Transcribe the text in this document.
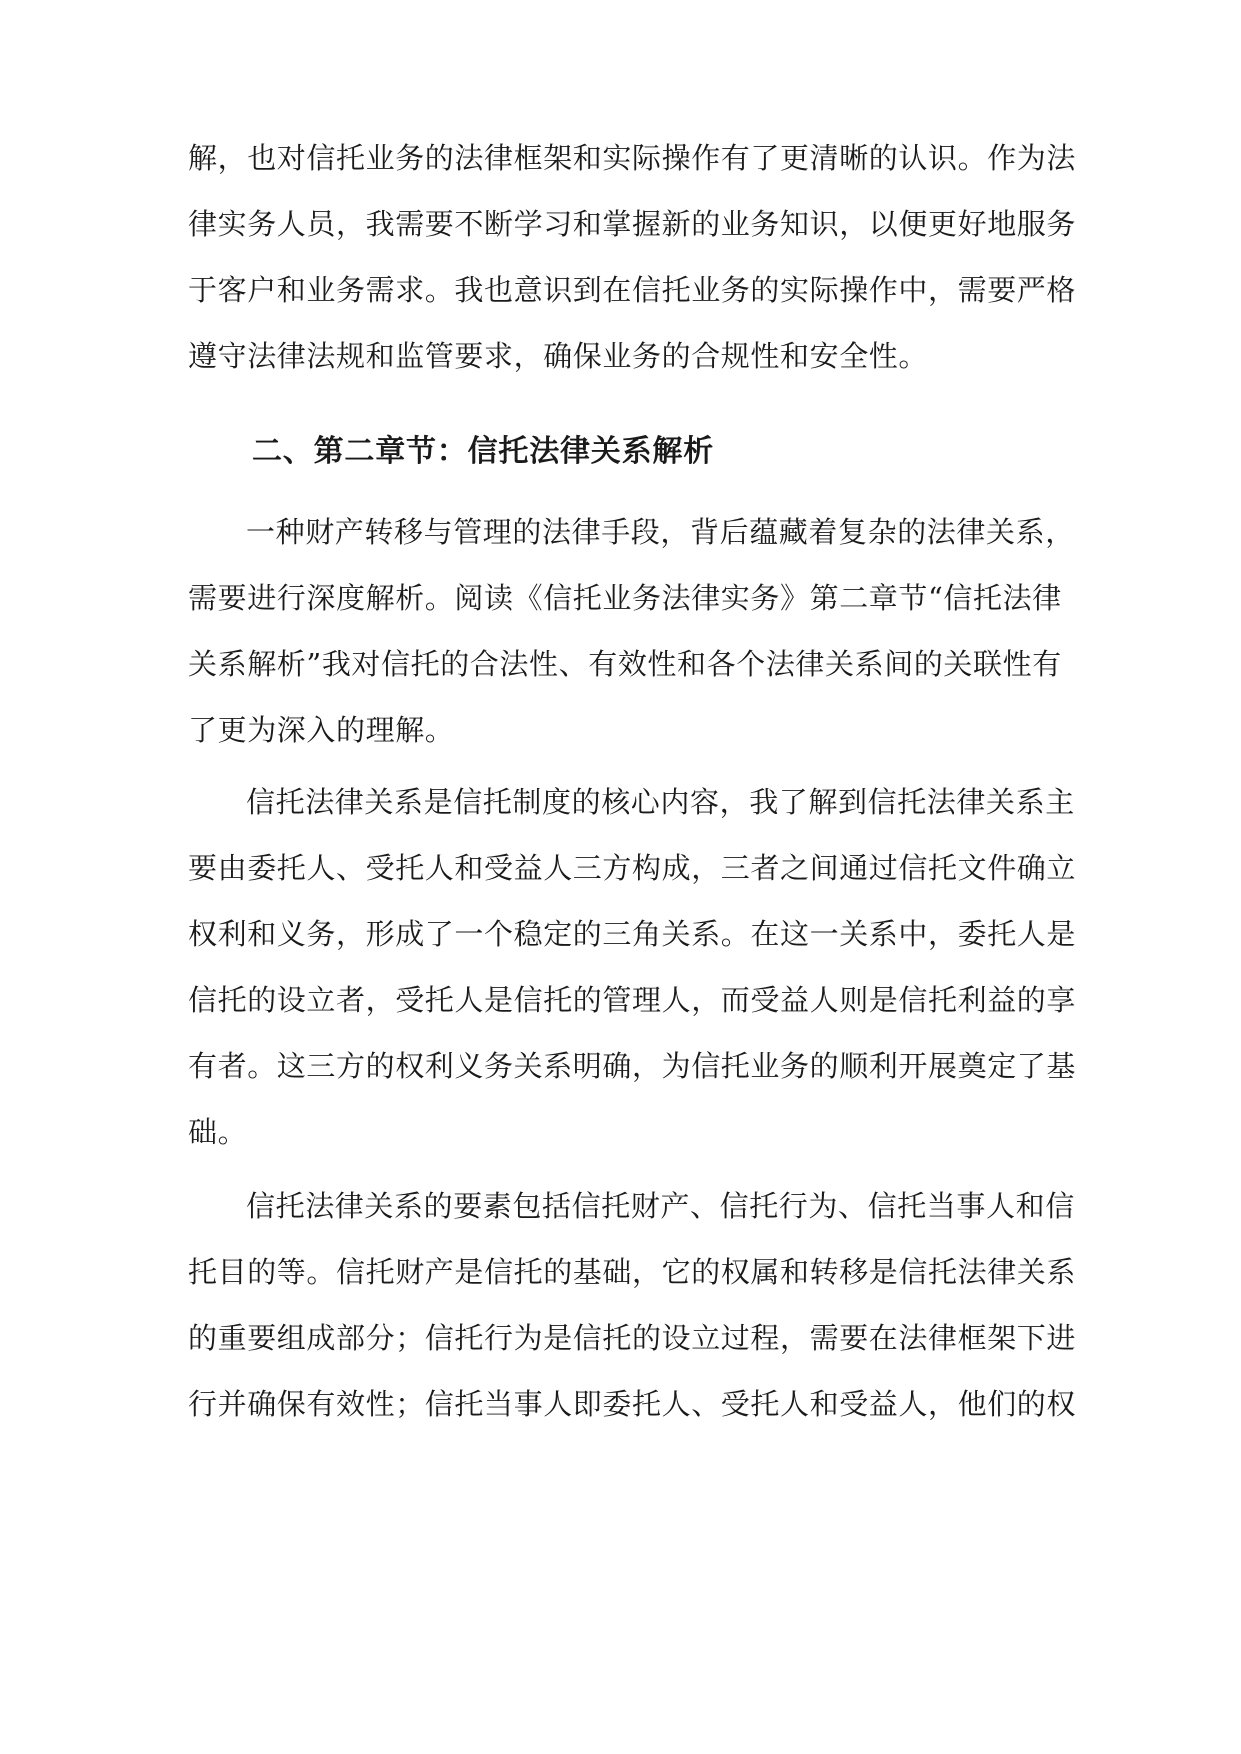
解，也对信托业务的法律框架和实际操作有了更清晰的认识。作为法
律实务人员，我需要不断学习和掌握新的业务知识，以便更好地服务
于客户和业务需求。我也意识到在信托业务的实际操作中，需要严格
遵守法律法规和监管要求，确保业务的合规性和安全性。
二、第二章节：信托法律关系解析
一种财产转移与管理的法律手段，背后蕴藏着复杂的法律关系，
需要进行深度解析。阅读《信托业务法律实务》第二章节“信托法律
关系解析”我对信托的合法性、有效性和各个法律关系间的关联性有
了更为深入的理解。
信托法律关系是信托制度的核心内容，我了解到信托法律关系主
要由委托人、受托人和受益人三方构成，三者之间通过信托文件确立
权利和义务，形成了一个稳定的三角关系。在这一关系中，委托人是
信托的设立者，受托人是信托的管理人，而受益人则是信托利益的享
有者。这三方的权利义务关系明确，为信托业务的顺利开展奠定了基
础。
信托法律关系的要素包括信托财产、信托行为、信托当事人和信
托目的等。信托财产是信托的基础，它的权属和转移是信托法律关系
的重要组成部分；信托行为是信托的设立过程，需要在法律框架下进
行并确保有效性；信托当事人即委托人、受托人和受益人，他们的权
